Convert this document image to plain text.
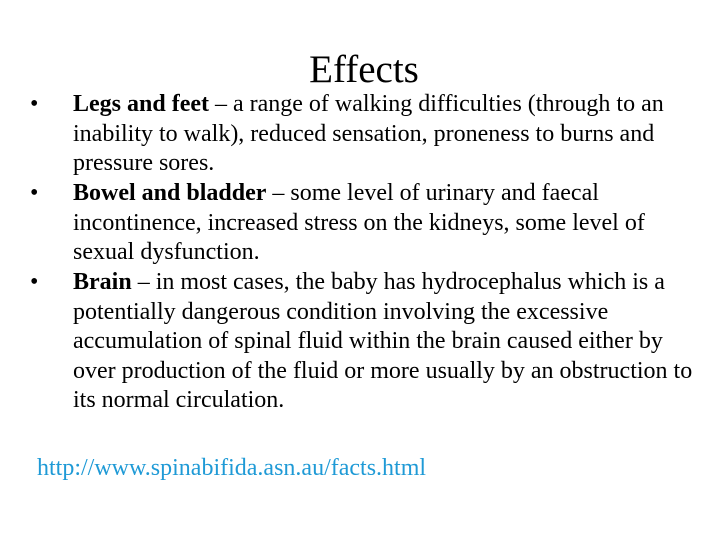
Effects
•	Legs and feet – a range of walking difficulties (through to an inability to walk), reduced sensation, proneness to burns and pressure sores.
•	Bowel and bladder – some level of urinary and faecal incontinence, increased stress on the kidneys, some level of sexual dysfunction.
•	Brain – in most cases, the baby has hydrocephalus which is a potentially dangerous condition involving the excessive accumulation of spinal fluid within the brain caused either by over production of the fluid or more usually by an obstruction to its normal circulation.
http://www.spinabifida.asn.au/facts.html
